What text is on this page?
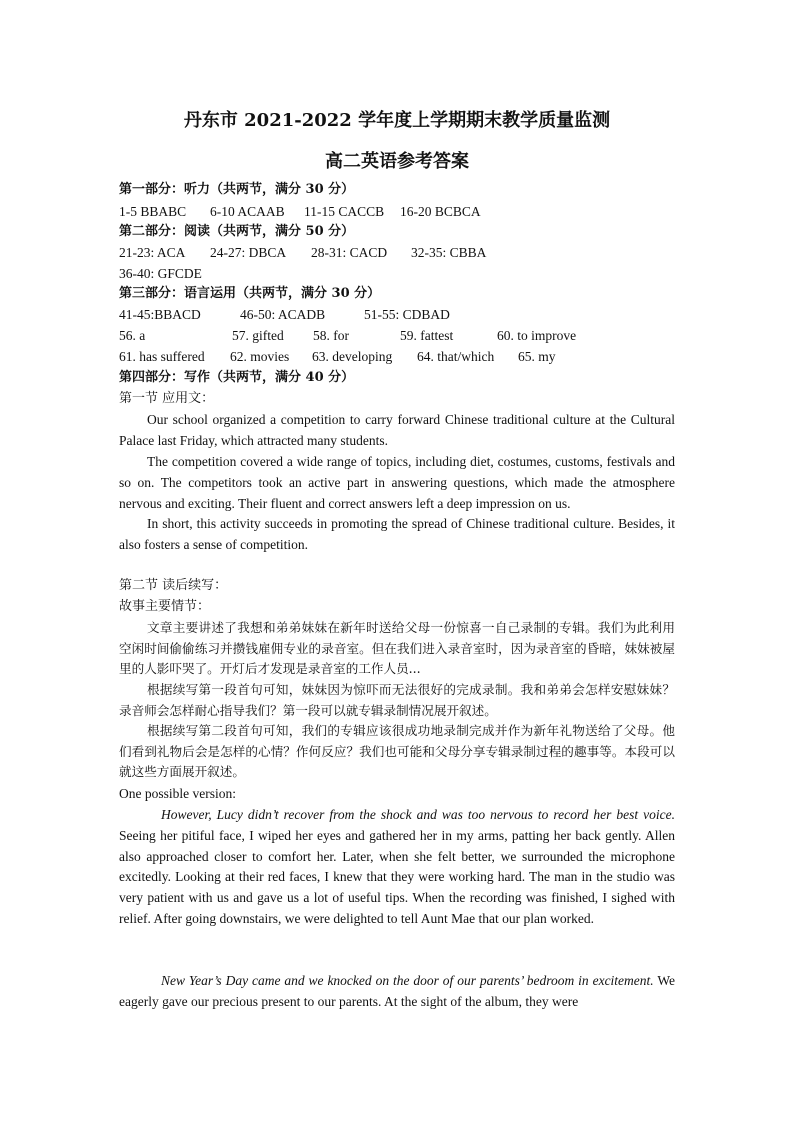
丹东市 2021-2022 学年度上学期期末教学质量监测
高二英语参考答案
第一部分：听力（共两节，满分 30 分）
1-5 BBABC 6-10 ACAAB 11-15 CACCB 16-20 BCBCA
第二部分：阅读（共两节，满分 50 分）
21-23: ACA 24-27: DBCA 28-31: CACD 32-35: CBBA
36-40: GFCDE
第三部分：语言运用（共两节，满分 30 分）
41-45:BBACD	46-50: ACADB	51-55: CDBAD
56. a	57. gifted 58. for	59. fattest	60. to improve
61. has suffered 62. movies 63. developing 64. that/which 65. my
第四部分：写作（共两节，满分 40 分）
第一节 应用文：
Our school organized a competition to carry forward Chinese traditional culture at the Cultural Palace last Friday, which attracted many students.
The competition covered a wide range of topics, including diet, costumes, customs, festivals and so on. The competitors took an active part in answering questions, which made the atmosphere nervous and exciting. Their fluent and correct answers left a deep impression on us.
In short, this activity succeeds in promoting the spread of Chinese traditional culture. Besides, it also fosters a sense of competition.
第二节 读后续写：
故事主要情节：
文章主要讲述了我想和弟弟妹妹在新年时送给父母一份惊喜一自己录制的专辑。我们为此利用空闲时间偷偷练习并攒钱雇佣专业的录音室。但在我们进入录音室时，因为录音室的昏暗，妹妹被屋里的人影吓哭了。开灯后才发现是录音室的工作人员...
根据续写第一段首句可知，妹妹因为惊吓而无法很好的完成录制。我和弟弟会怎样安慰妹妹？录音师会怎样耐心指导我们？第一段可以就专辑录制情况展开叙述。
根据续写第二段首句可知，我们的专辑应该很成功地录制完成并作为新年礼物送给了父母。他们看到礼物后会是怎样的心情？作何反应？我们也可能和父母分享专辑录制过程的趣事等。本段可以就这些方面展开叙述。
One possible version:
However, Lucy didn’t recover from the shock and was too nervous to record her best voice. Seeing her pitiful face, I wiped her eyes and gathered her in my arms, patting her back gently. Allen also approached closer to comfort her. Later, when she felt better, we surrounded the microphone excitedly. Looking at their red faces, I knew that they were working hard. The man in the studio was very patient with us and gave us a lot of useful tips. When the recording was finished, I sighed with relief. After going downstairs, we were delighted to tell Aunt Mae that our plan worked.
New Year’s Day came and we knocked on the door of our parents’ bedroom in excitement. We eagerly gave our precious present to our parents. At the sight of the album, they were
